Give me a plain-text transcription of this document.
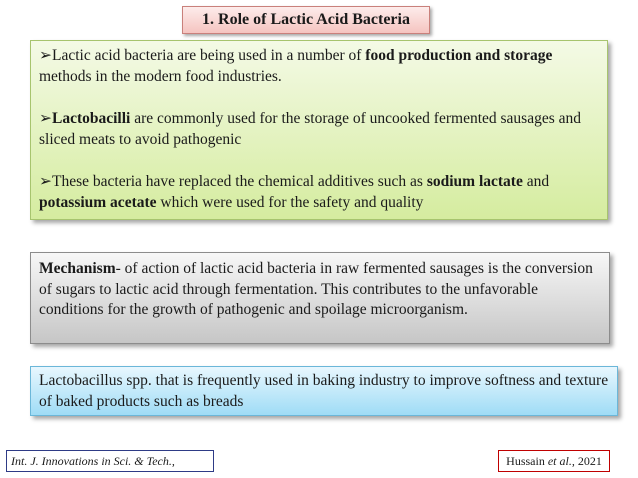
1. Role of Lactic Acid Bacteria

➢Lactic acid bacteria are being used in a number of food production and storage methods in the modern food industries.

➢Lactobacilli are commonly used for the storage of uncooked fermented sausages and sliced meats to avoid pathogenic

➢These bacteria have replaced the chemical additives such as sodium lactate and potassium acetate which were used for the safety and quality

Mechanism- of action of lactic acid bacteria in raw fermented sausages is the conversion of sugars to lactic acid through fermentation. This contributes to the unfavorable conditions for the growth of pathogenic and spoilage microorganism.
Lactobacillus spp. that is frequently used in baking industry to improve softness and texture of baked products such as breads
Int. J. Innovations in Sci. & Tech.,	Hussain et al., 2021
